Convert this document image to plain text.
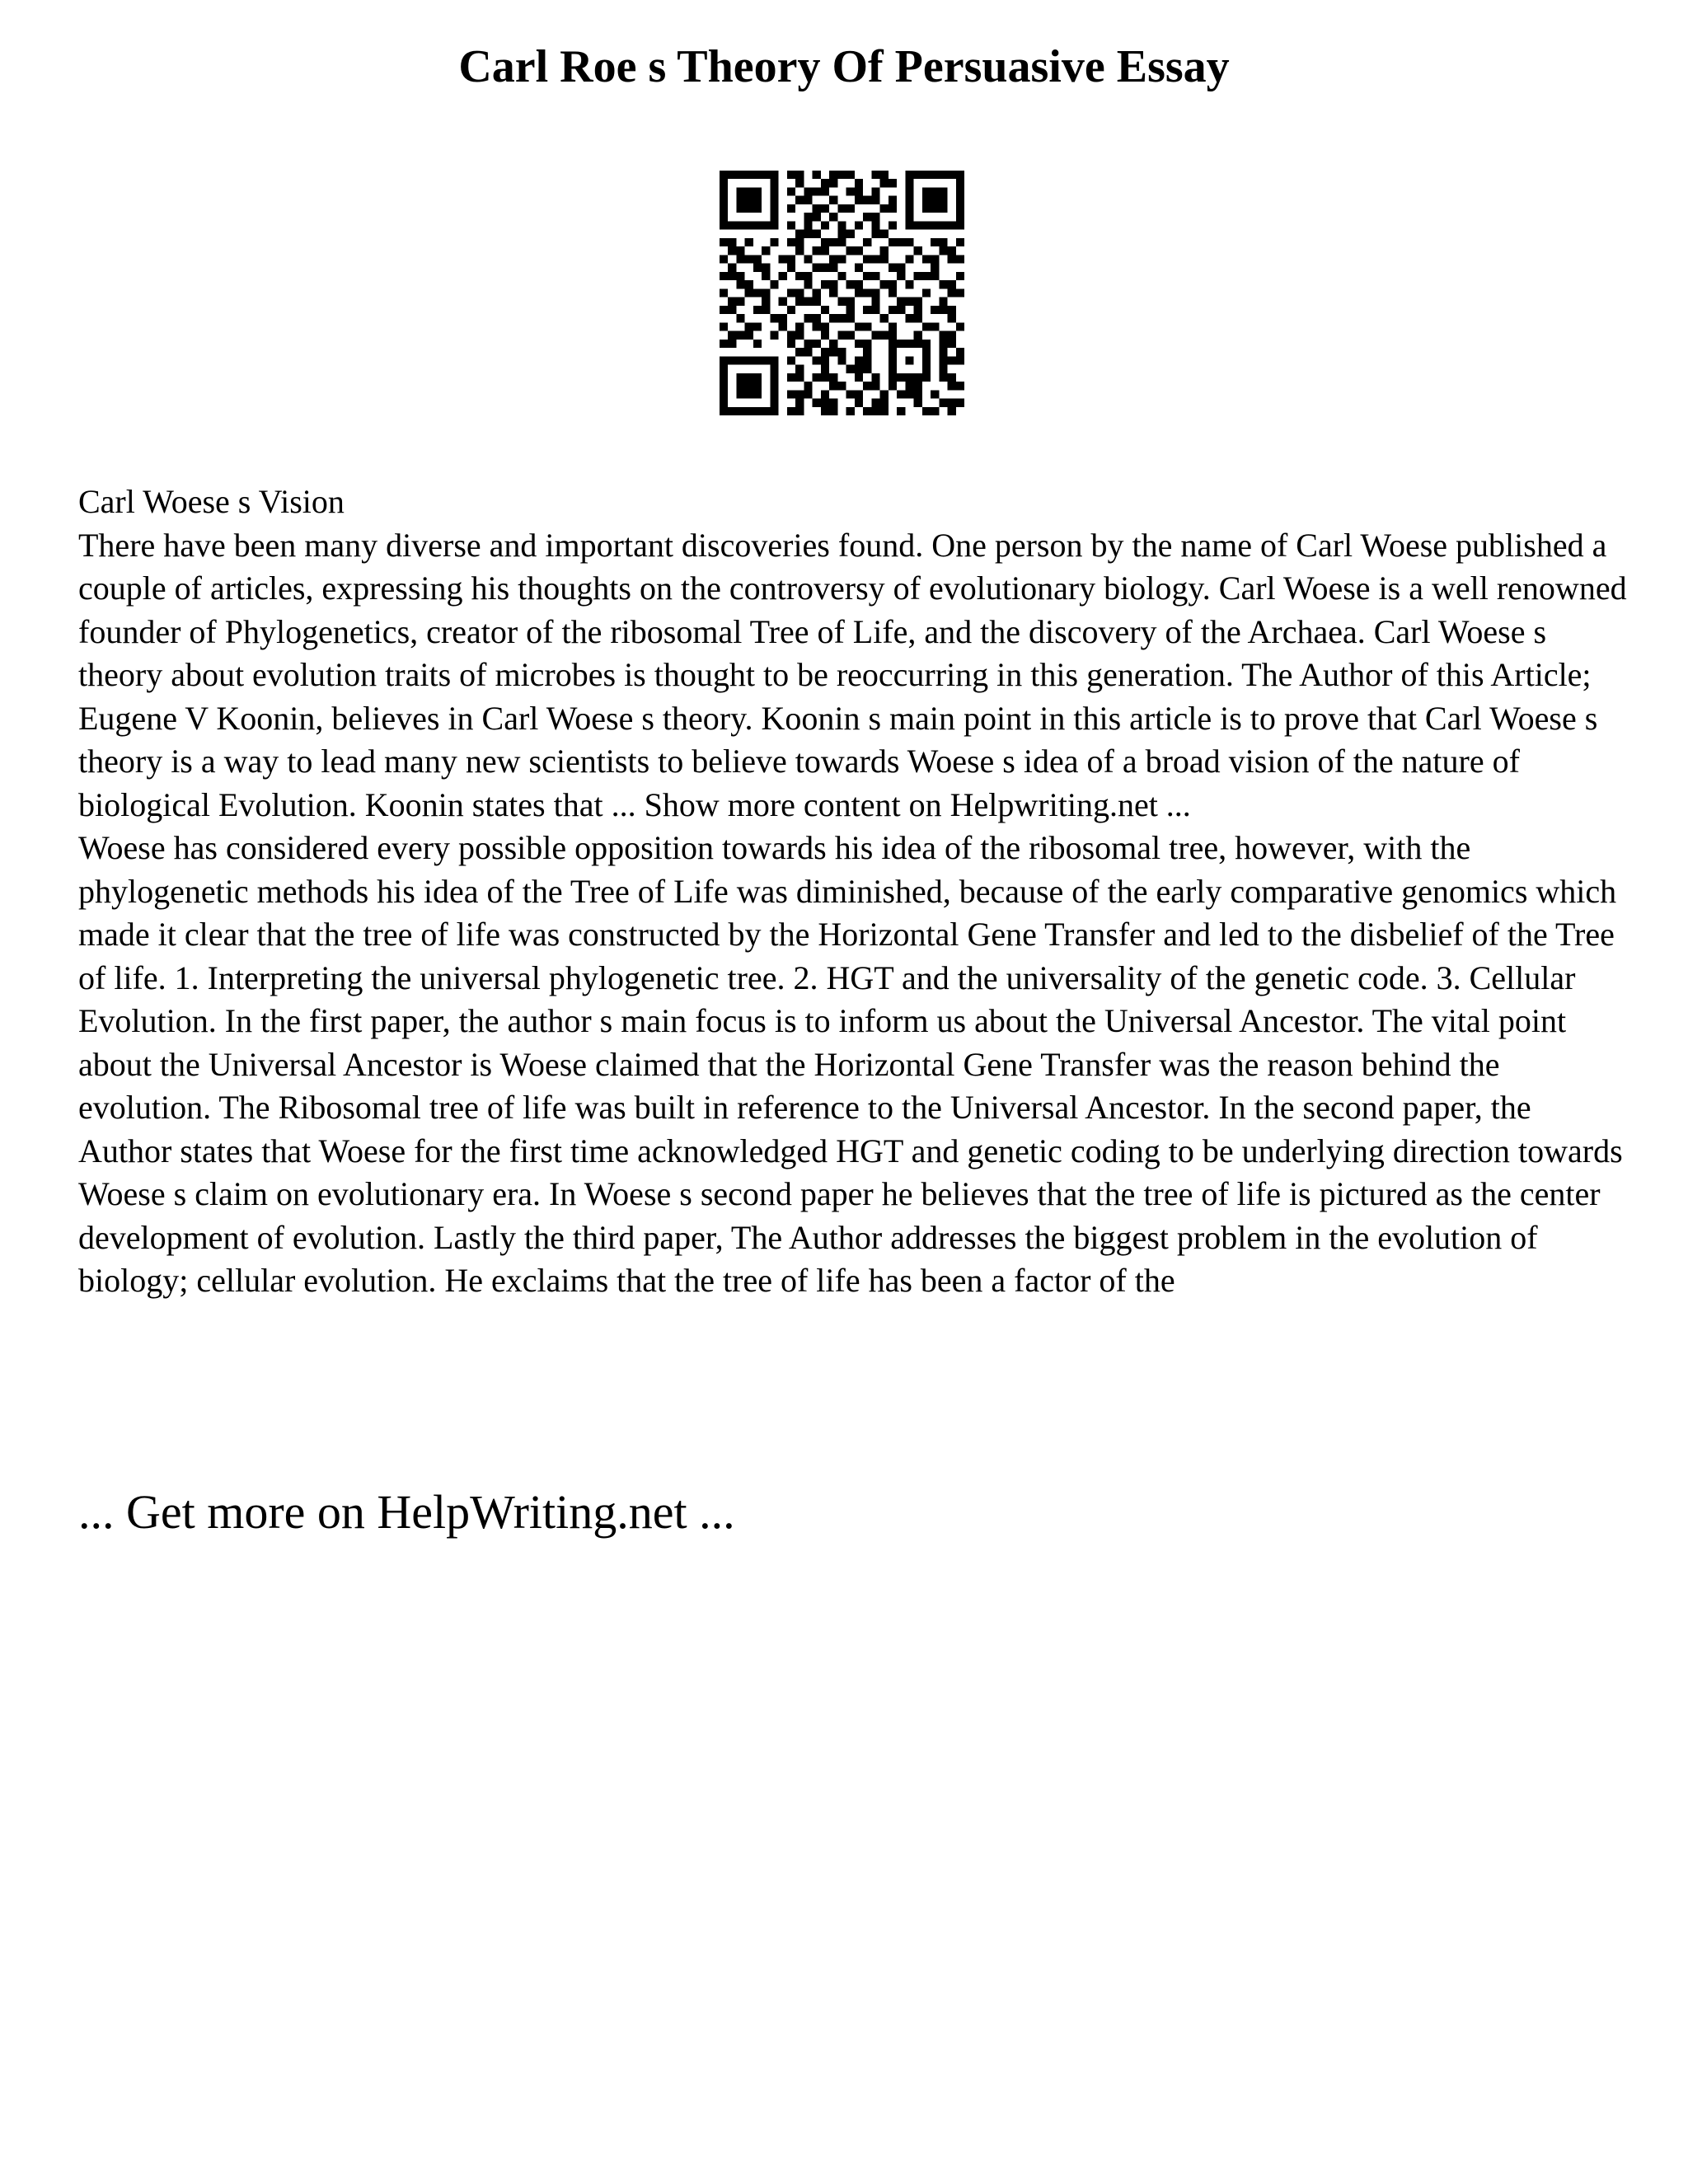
Carl Roe s Theory Of Persuasive Essay

Carl Woese s Vision

There have been many diverse and important discoveries found. One person by the name of Carl Woese published a couple of articles, expressing his thoughts on the controversy of evolutionary biology. Carl Woese is a well renowned founder of Phylogenetics, creator of the ribosomal Tree of Life, and the discovery of the Archaea. Carl Woese s theory about evolution traits of microbes is thought to be reoccurring in this generation. The Author of this Article; Eugene V Koonin, believes in Carl Woese s theory. Koonin s main point in this article is to prove that Carl Woese s theory is a way to lead many new scientists to believe towards Woese s idea of a broad vision of the nature of biological Evolution. Koonin states that ... Show more content on Helpwriting.net ...

Woese has considered every possible opposition towards his idea of the ribosomal tree, however, with the phylogenetic methods his idea of the Tree of Life was diminished, because of the early comparative genomics which made it clear that the tree of life was constructed by the Horizontal Gene Transfer and led to the disbelief of the Tree of life. 1. Interpreting the universal phylogenetic tree. 2. HGT and the universality of the genetic code. 3. Cellular Evolution. In the first paper, the author s main focus is to inform us about the Universal Ancestor. The vital point about the Universal Ancestor is Woese claimed that the Horizontal Gene Transfer was the reason behind the evolution. The Ribosomal tree of life was built in reference to the Universal Ancestor. In the second paper, the Author states that Woese for the first time acknowledged HGT and genetic coding to be underlying direction towards Woese s claim on evolutionary era. In Woese s second paper he believes that the tree of life is pictured as the center development of evolution. Lastly the third paper, The Author addresses the biggest problem in the evolution of biology; cellular evolution. He exclaims that the tree of life has been a factor of the

... Get more on HelpWriting.net ...
